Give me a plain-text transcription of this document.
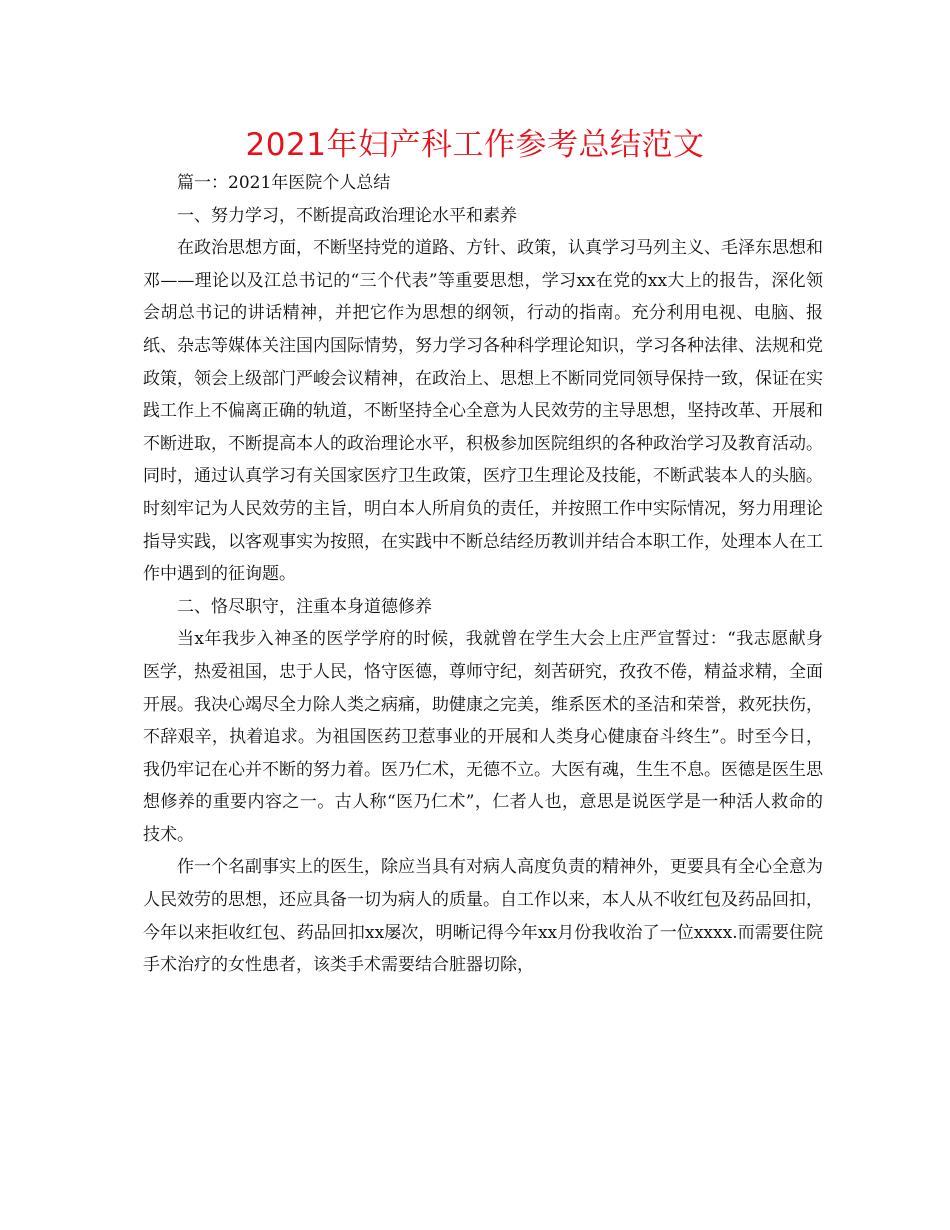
2021年妇产科工作参考总结范文

篇一：2021年医院个人总结

一、努力学习，不断提高政治理论水平和素养

在政治思想方面，不断坚持党的道路、方针、政策，认真学习马列主义、毛泽东思想和邓——理论以及江总书记的“三个代表”等重要思想，学习xx在党的xx大上的报告，深化领会胡总书记的讲话精神，并把它作为思想的纲领，行动的指南。充分利用电视、电脑、报纸、杂志等媒体关注国内国际情势，努力学习各种科学理论知识，学习各种法律、法规和党政策，领会上级部门严峻会议精神，在政治上、思想上不断同党同领导保持一致，保证在实践工作上不偏离正确的轨道，不断坚持全心全意为人民效劳的主导思想，坚持改革、开展和不断进取，不断提高本人的政治理论水平，积极参加医院组织的各种政治学习及教育活动。同时，通过认真学习有关国家医疗卫生政策，医疗卫生理论及技能，不断武装本人的头脑。时刻牢记为人民效劳的主旨，明白本人所肩负的责任，并按照工作中实际情况，努力用理论指导实践，以客观事实为按照，在实践中不断总结经历教训并结合本职工作，处理本人在工作中遇到的征询题。

二、恪尽职守，注重本身道德修养

当x年我步入神圣的医学学府的时候，我就曾在学生大会上庄严宣誓过：“我志愿献身医学，热爱祖国，忠于人民，恪守医德，尊师守纪，刻苦研究，孜孜不倦，精益求精，全面开展。我决心竭尽全力除人类之病痛，助健康之完美，维系医术的圣洁和荣誉，救死扶伤，不辞艰辛，执着追求。为祖国医药卫惹事业的开展和人类身心健康奋斗终生”。时至今日，我仍牢记在心并不断的努力着。医乃仁术，无德不立。大医有魂，生生不息。医德是医生思想修养的重要内容之一。古人称“医乃仁术”，仁者人也，意思是说医学是一种活人救命的技术。

作一个名副事实上的医生，除应当具有对病人高度负责的精神外，更要具有全心全意为人民效劳的思想，还应具备一切为病人的质量。自工作以来，本人从不收红包及药品回扣，今年以来拒收红包、药品回扣xx屡次，明晰记得今年xx月份我收治了一位xxxx.而需要住院手术治疗的女性患者，该类手术需要结合脏器切除，
